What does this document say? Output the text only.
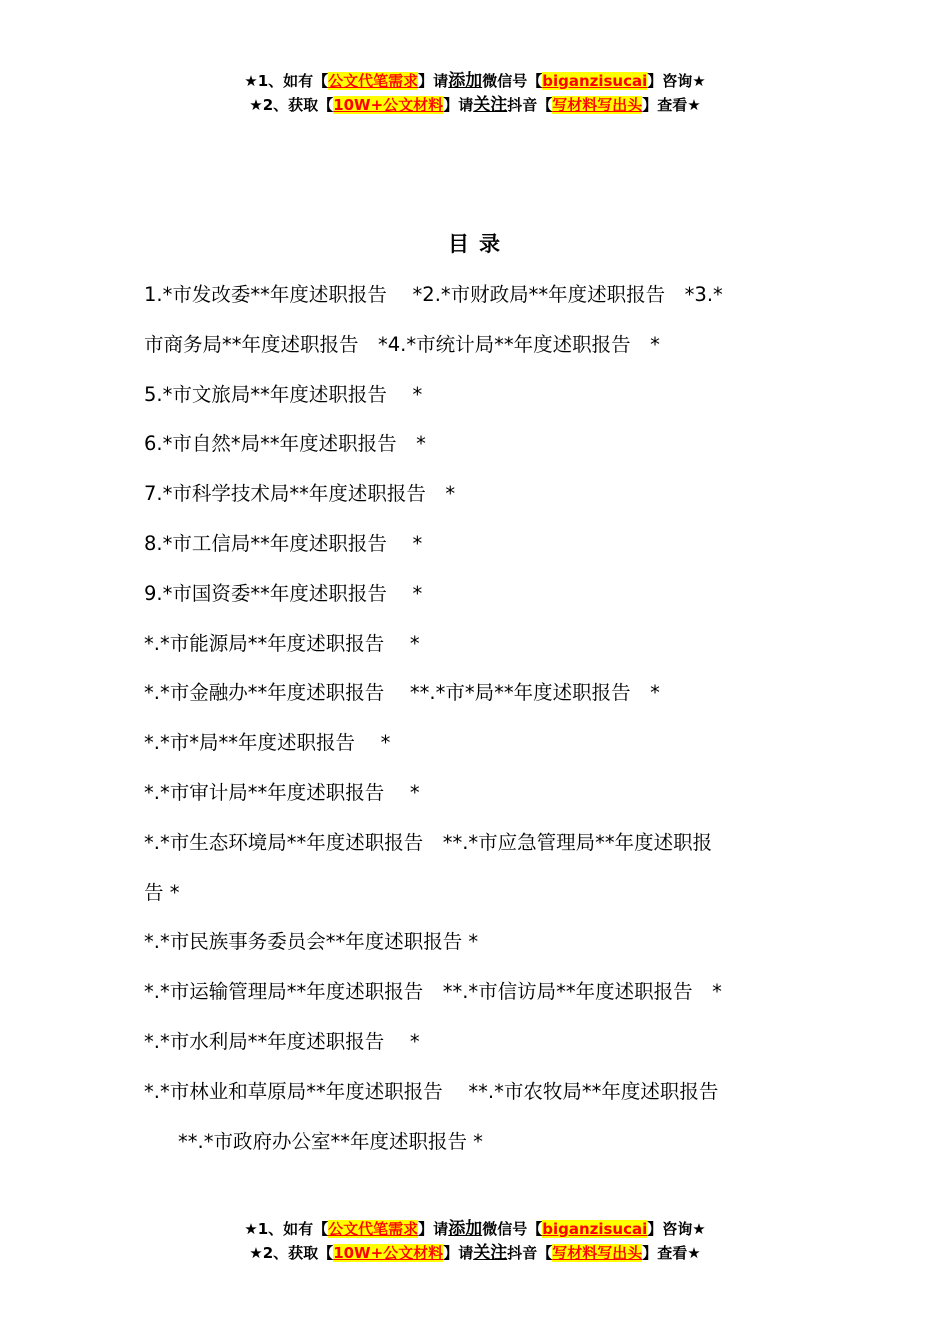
★1、如有【公文代笔需求】请添加微信号【biganzisucai】咨询★
★2、获取【10W+公文材料】请关注抖音【写材料写出头】查看★
目录
1.*市发改委**年度述职报告　 *2.*市财政局**年度述职报告　*3.*
市商务局**年度述职报告　*4.*市统计局**年度述职报告　*
5.*市文旅局**年度述职报告　 *
6.*市自然*局**年度述职报告　*
7.*市科学技术局**年度述职报告　*
8.*市工信局**年度述职报告　 *
9.*市国资委**年度述职报告　 *
*.*市能源局**年度述职报告　 *
*.*市金融办**年度述职报告　 **.*市*局**年度述职报告　*
*.*市*局**年度述职报告　 *
*.*市审计局**年度述职报告　 *
*.*市生态环境局**年度述职报告　**.*市应急管理局**年度述职报
告 *
*.*市民族事务委员会**年度述职报告 *
*.*市运输管理局**年度述职报告　**.*市信访局**年度述职报告　*
*.*市水利局**年度述职报告　 *
*.*市林业和草原局**年度述职报告　 **.*市农牧局**年度述职报告
**.*市政府办公室**年度述职报告 *
★1、如有【公文代笔需求】请添加微信号【biganzisucai】咨询★
★2、获取【10W+公文材料】请关注抖音【写材料写出头】查看★
